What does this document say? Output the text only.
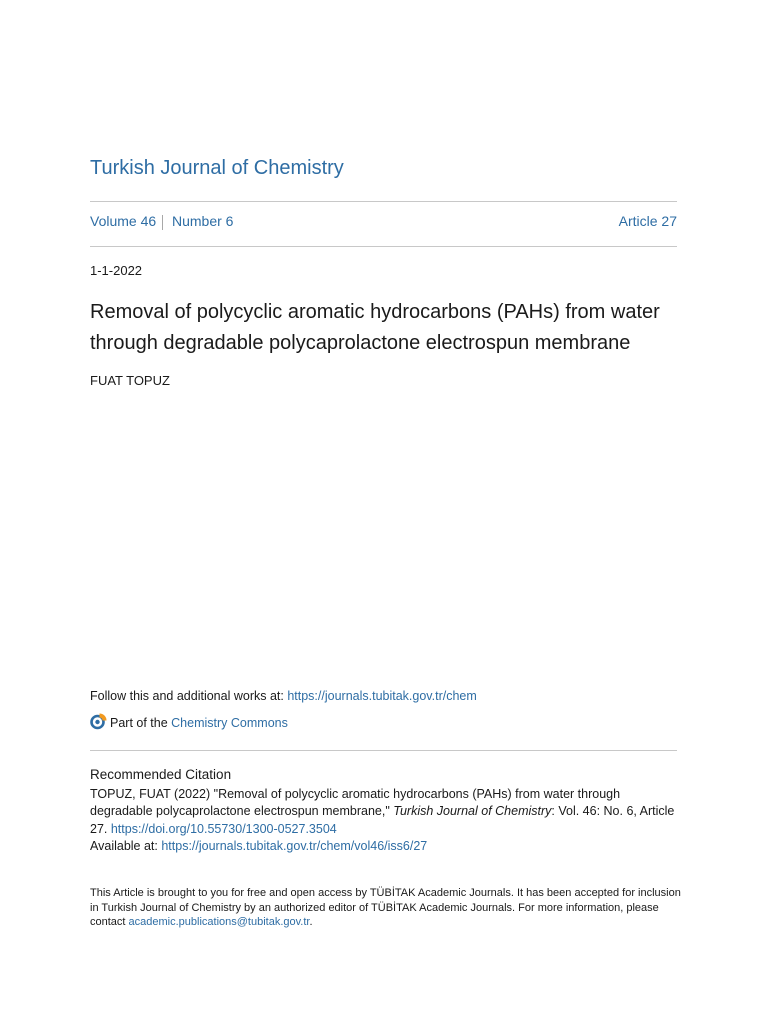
Turkish Journal of Chemistry
Volume 46 Number 6	Article 27
1-1-2022
Removal of polycyclic aromatic hydrocarbons (PAHs) from water through degradable polycaprolactone electrospun membrane
FUAT TOPUZ
Follow this and additional works at: https://journals.tubitak.gov.tr/chem
Part of the Chemistry Commons
Recommended Citation

TOPUZ, FUAT (2022) "Removal of polycyclic aromatic hydrocarbons (PAHs) from water through degradable polycaprolactone electrospun membrane," Turkish Journal of Chemistry: Vol. 46: No. 6, Article 27. https://doi.org/10.55730/1300-0527.3504

Available at: https://journals.tubitak.gov.tr/chem/vol46/iss6/27

This Article is brought to you for free and open access by TÜBİTAK Academic Journals. It has been accepted for inclusion in Turkish Journal of Chemistry by an authorized editor of TÜBİTAK Academic Journals. For more information, please contact academic.publications@tubitak.gov.tr.
